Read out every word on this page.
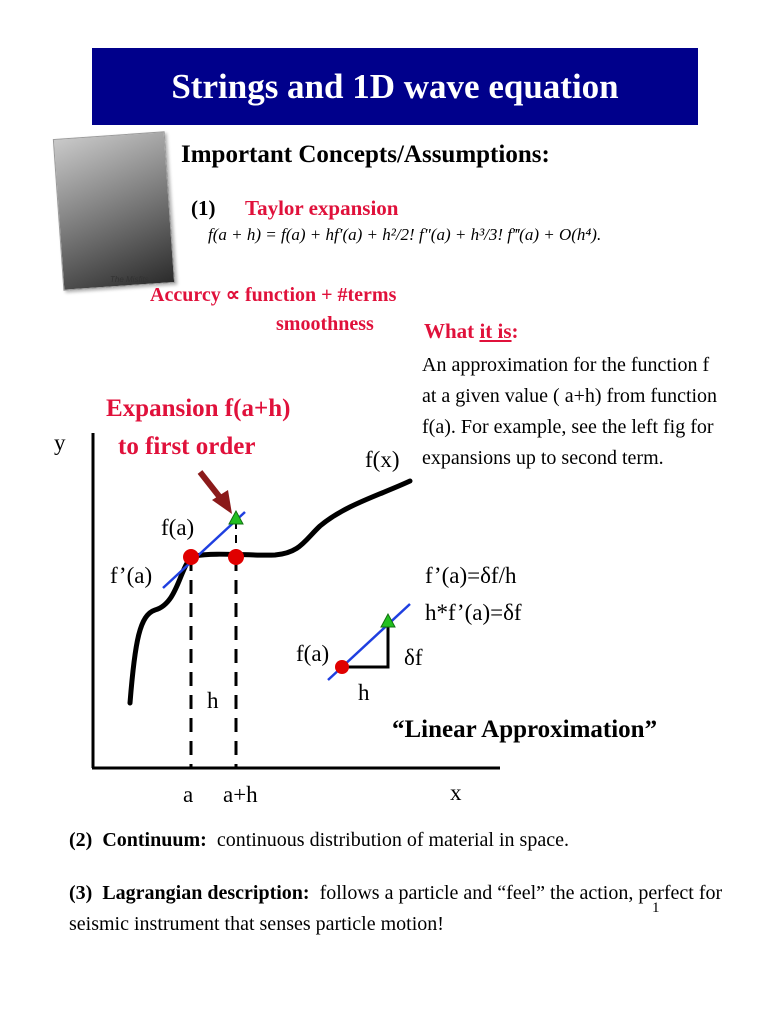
Strings and 1D wave equation
The Misfits
Important Concepts/Assumptions:
(1) Taylor expansion
f(a + h) = f(a) + hf′(a) + h²/2! f″(a) + h³/3! f‴(a) + O(h⁴).
Accurcy ∝ function + #terms
smoothness What it is:
An approximation for the function f at a given value ( a+h) from function f(a). For example, see the left fig for expansions up to second term.
Expansion f(a+h)
to first order
y
x
f(x)
f(a)
f’(a)
h
a a+h
f’(a)=δf/h
h*f’(a)=δf
f(a)	δf
h
“Linear Approximation”
(2) Continuum: continuous distribution of material in space.
(3) Lagrangian description: follows a particle and “feel” the action, perfect for seismic instrument that senses particle motion!
1
